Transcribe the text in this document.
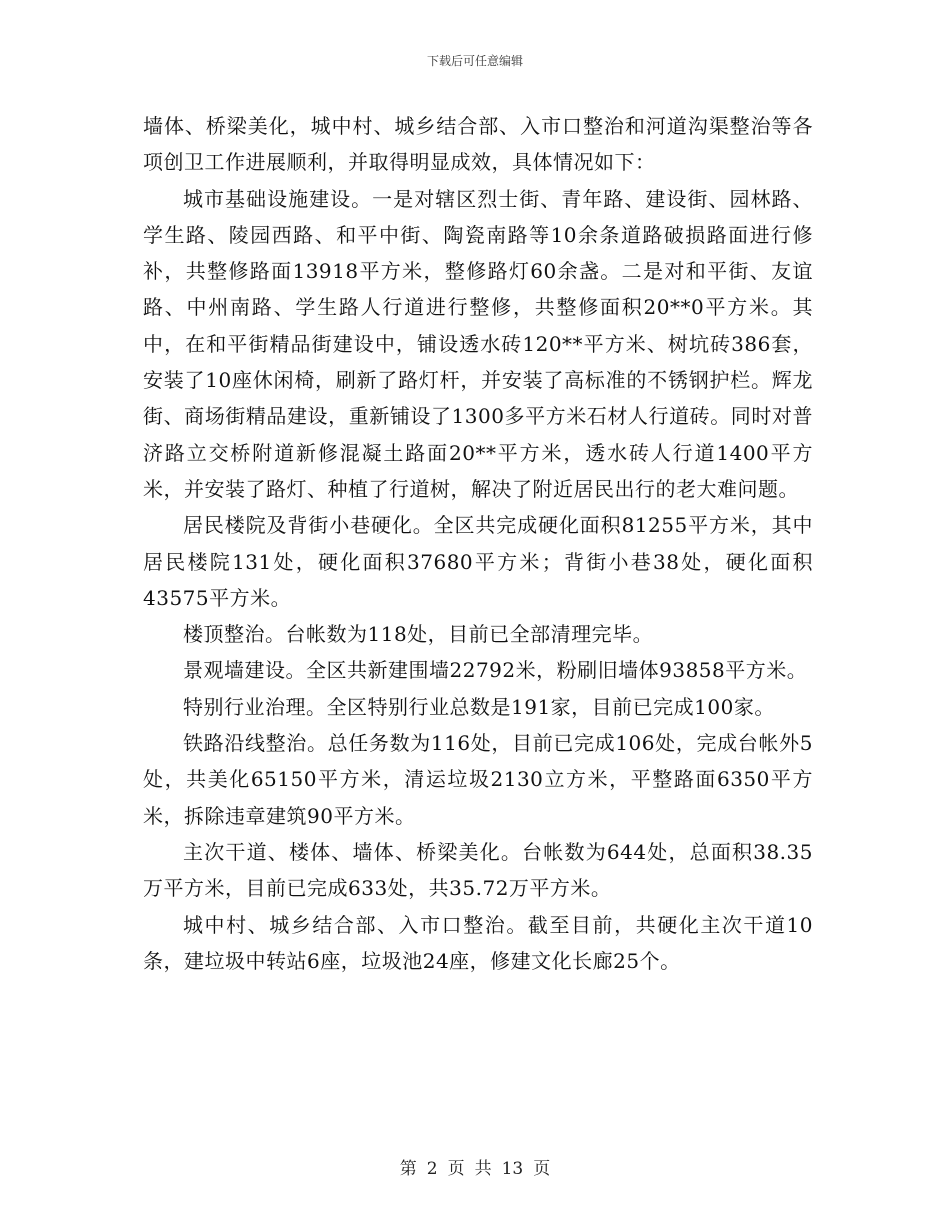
下载后可任意编辑

墙体、桥梁美化，城中村、城乡结合部、入市口整治和河道沟渠整治等各项创卫工作进展顺利，并取得明显成效，具体情况如下：

城市基础设施建设。一是对辖区烈士街、青年路、建设街、园林路、学生路、陵园西路、和平中街、陶瓷南路等10余条道路破损路面进行修补，共整修路面13918平方米，整修路灯60余盏。二是对和平街、友谊路、中州南路、学生路人行道进行整修，共整修面积20**0平方米。其中，在和平街精品街建设中，铺设透水砖120**平方米、树坑砖386套，安装了10座休闲椅，刷新了路灯杆，并安装了高标准的不锈钢护栏。辉龙街、商场街精品建设，重新铺设了1300多平方米石材人行道砖。同时对普济路立交桥附道新修混凝土路面20**平方米，透水砖人行道1400平方米，并安装了路灯、种植了行道树，解决了附近居民出行的老大难问题。

居民楼院及背街小巷硬化。全区共完成硬化面积81255平方米，其中居民楼院131处，硬化面积37680平方米；背街小巷38处，硬化面积43575平方米。

楼顶整治。台帐数为118处，目前已全部清理完毕。

景观墙建设。全区共新建围墙22792米，粉刷旧墙体93858平方米。

特别行业治理。全区特别行业总数是191家，目前已完成100家。

铁路沿线整治。总任务数为116处，目前已完成106处，完成台帐外5处，共美化65150平方米，清运垃圾2130立方米，平整路面6350平方米，拆除违章建筑90平方米。

主次干道、楼体、墙体、桥梁美化。台帐数为644处，总面积38.35万平方米，目前已完成633处，共35.72万平方米。

城中村、城乡结合部、入市口整治。截至目前，共硬化主次干道10条，建垃圾中转站6座，垃圾池24座，修建文化长廊25个。

第 2 页 共 13 页
